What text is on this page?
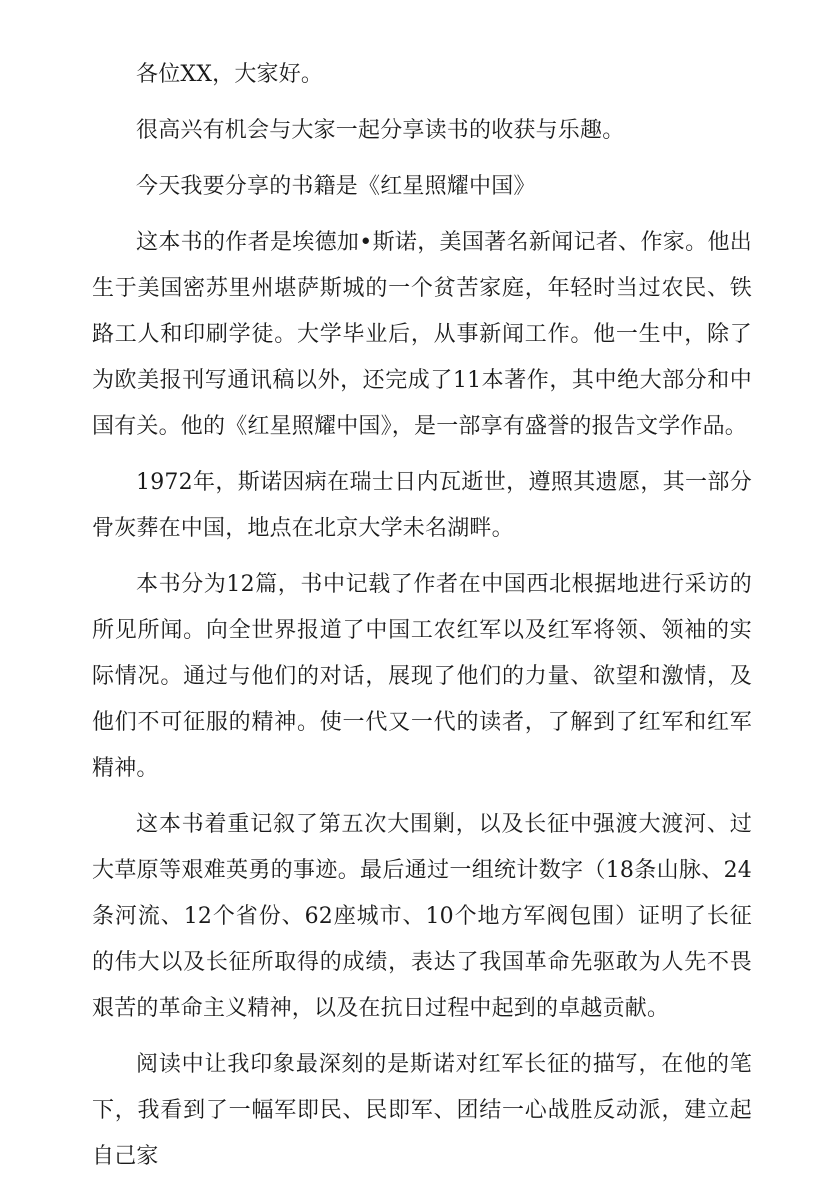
各位XX，大家好。

很高兴有机会与大家一起分享读书的收获与乐趣。

今天我要分享的书籍是《红星照耀中国》

这本书的作者是埃德加•斯诺，美国著名新闻记者、作家。他出生于美国密苏里州堪萨斯城的一个贫苦家庭，年轻时当过农民、铁路工人和印刷学徒。大学毕业后，从事新闻工作。他一生中，除了为欧美报刊写通讯稿以外，还完成了11本著作，其中绝大部分和中国有关。他的《红星照耀中国》，是一部享有盛誉的报告文学作品。

1972年，斯诺因病在瑞士日内瓦逝世，遵照其遗愿，其一部分骨灰葬在中国，地点在北京大学未名湖畔。

本书分为12篇，书中记载了作者在中国西北根据地进行采访的所见所闻。向全世界报道了中国工农红军以及红军将领、领袖的实际情况。通过与他们的对话，展现了他们的力量、欲望和激情，及他们不可征服的精神。使一代又一代的读者，了解到了红军和红军精神。

这本书着重记叙了第五次大围剿，以及长征中强渡大渡河、过大草原等艰难英勇的事迹。最后通过一组统计数字（18条山脉、24条河流、12个省份、62座城市、10个地方军阀包围）证明了长征的伟大以及长征所取得的成绩，表达了我国革命先驱敢为人先不畏艰苦的革命主义精神，以及在抗日过程中起到的卓越贡献。

阅读中让我印象最深刻的是斯诺对红军长征的描写，在他的笔下，我看到了一幅军即民、民即军、团结一心战胜反动派，建立起自己家
